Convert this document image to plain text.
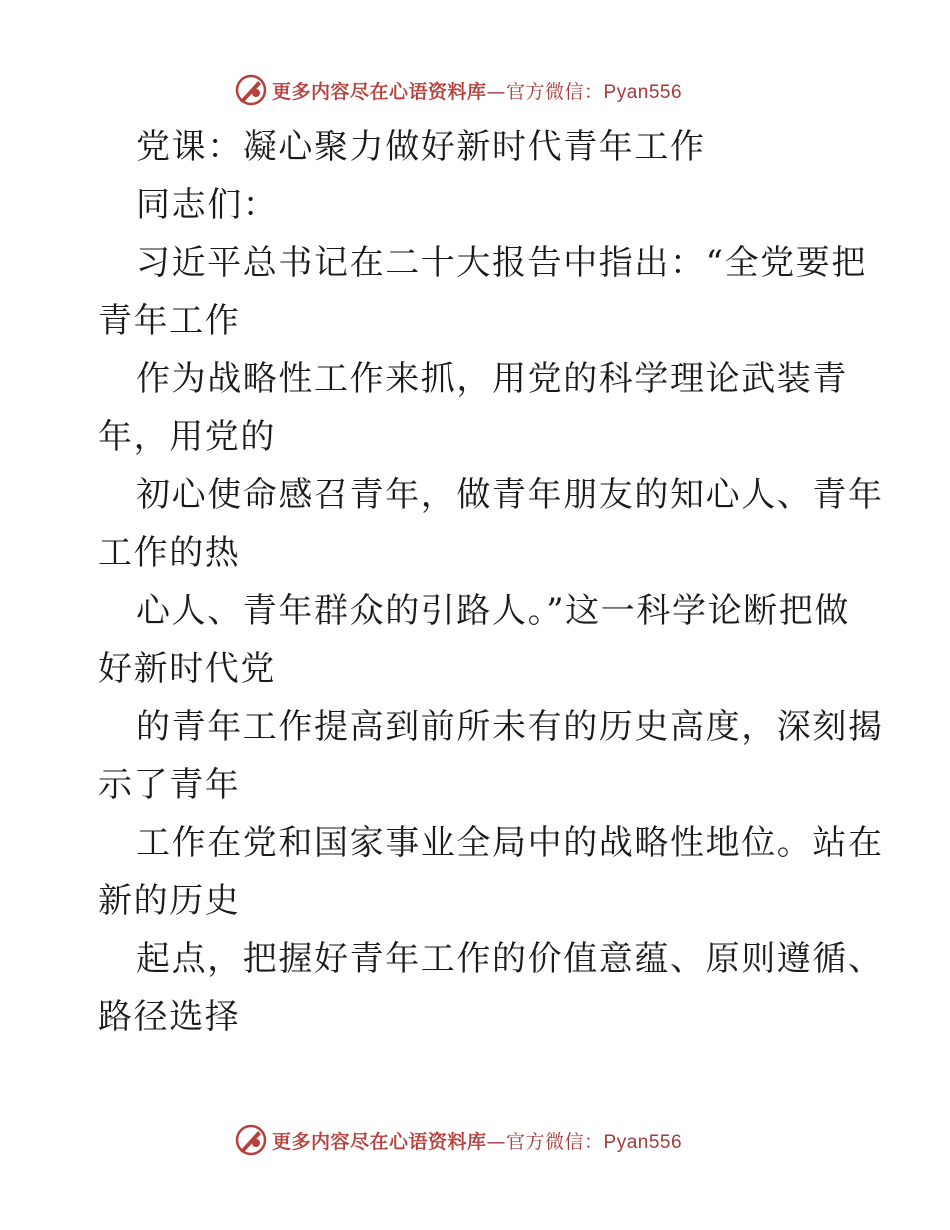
更多内容尽在心语资料库—官方微信：Pyan556
党课：凝心聚力做好新时代青年工作
同志们：
习近平总书记在二十大报告中指出：“全党要把
青年工作
作为战略性工作来抓，用党的科学理论武装青
年，用党的
初心使命感召青年，做青年朋友的知心人、青年
工作的热
心人、青年群众的引路人。”这一科学论断把做
好新时代党
的青年工作提高到前所未有的历史高度，深刻揭
示了青年
工作在党和国家事业全局中的战略性地位。站在
新的历史
起点，把握好青年工作的价值意蕴、原则遵循、
路径选择
更多内容尽在心语资料库—官方微信：Pyan556
